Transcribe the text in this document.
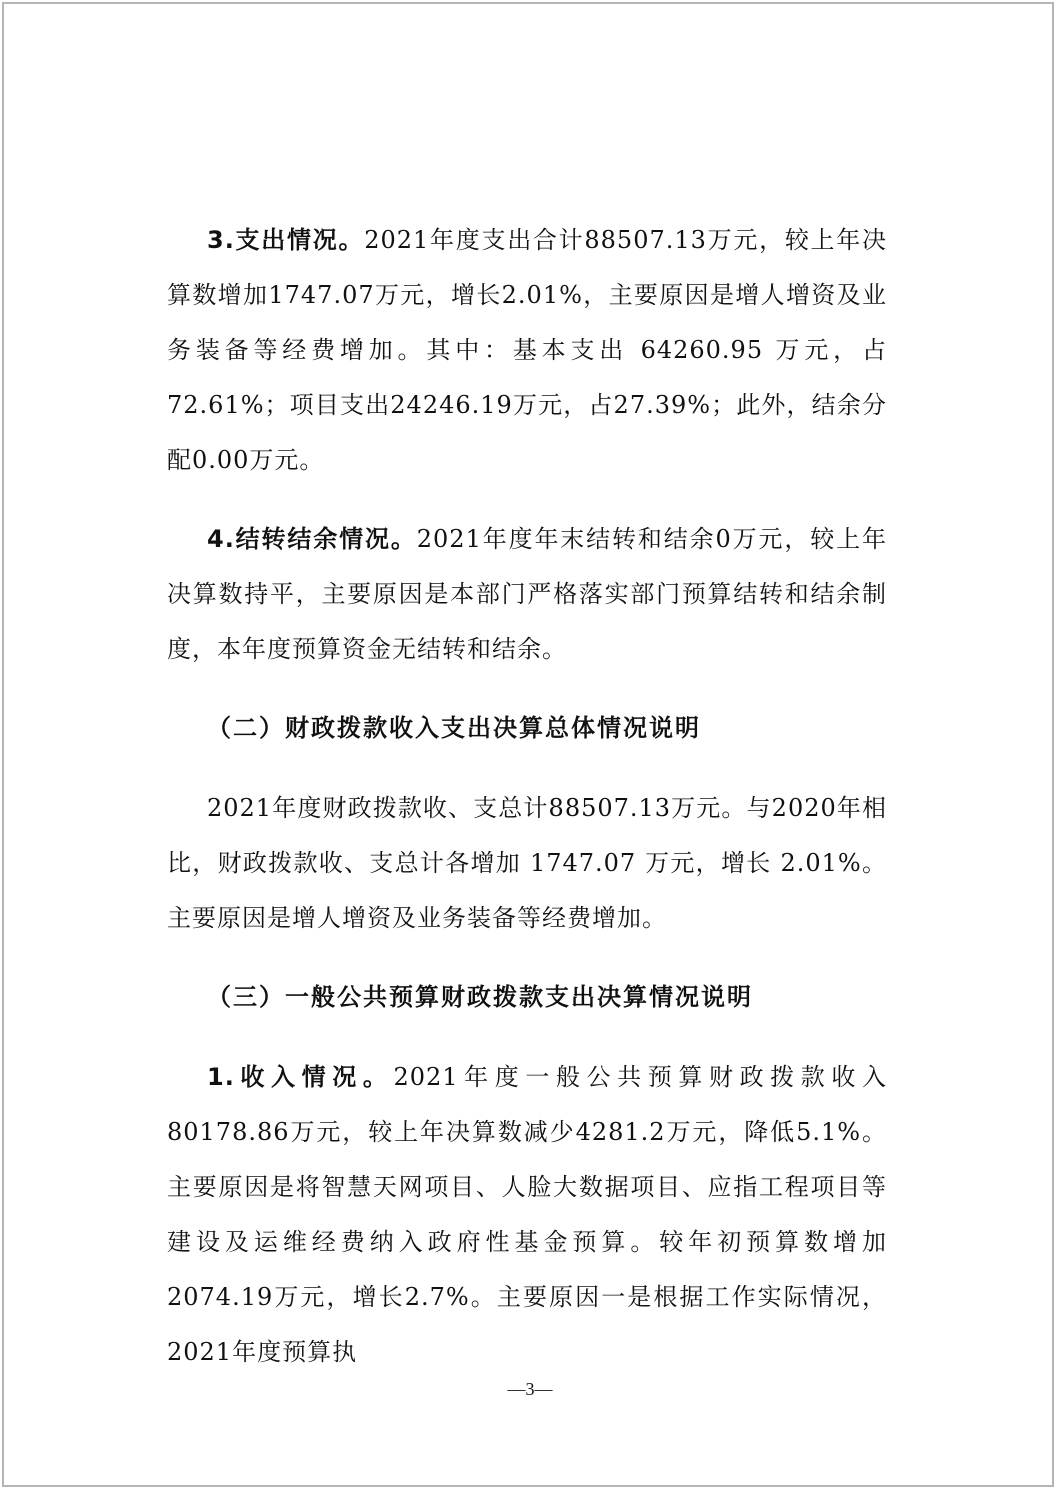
3.支出情况。2021年度支出合计88507.13万元，较上年决算数增加1747.07万元，增长2.01%，主要原因是增人增资及业务装备等经费增加。其中：基本支出 64260.95 万元，占72.61%；项目支出24246.19万元，占27.39%；此外，结余分配0.00万元。

4.结转结余情况。2021年度年末结转和结余0万元，较上年决算数持平，主要原因是本部门严格落实部门预算结转和结余制度，本年度预算资金无结转和结余。

（二）财政拨款收入支出决算总体情况说明

2021年度财政拨款收、支总计88507.13万元。与2020年相比，财政拨款收、支总计各增加 1747.07 万元，增长 2.01%。主要原因是增人增资及业务装备等经费增加。

（三）一般公共预算财政拨款支出决算情况说明

1.收入情况。2021年度一般公共预算财政拨款收入80178.86万元，较上年决算数减少4281.2万元，降低5.1%。主要原因是将智慧天网项目、人脸大数据项目、应指工程项目等建设及运维经费纳入政府性基金预算。较年初预算数增加2074.19万元，增长2.7%。主要原因一是根据工作实际情况，2021年度预算执

—3—
